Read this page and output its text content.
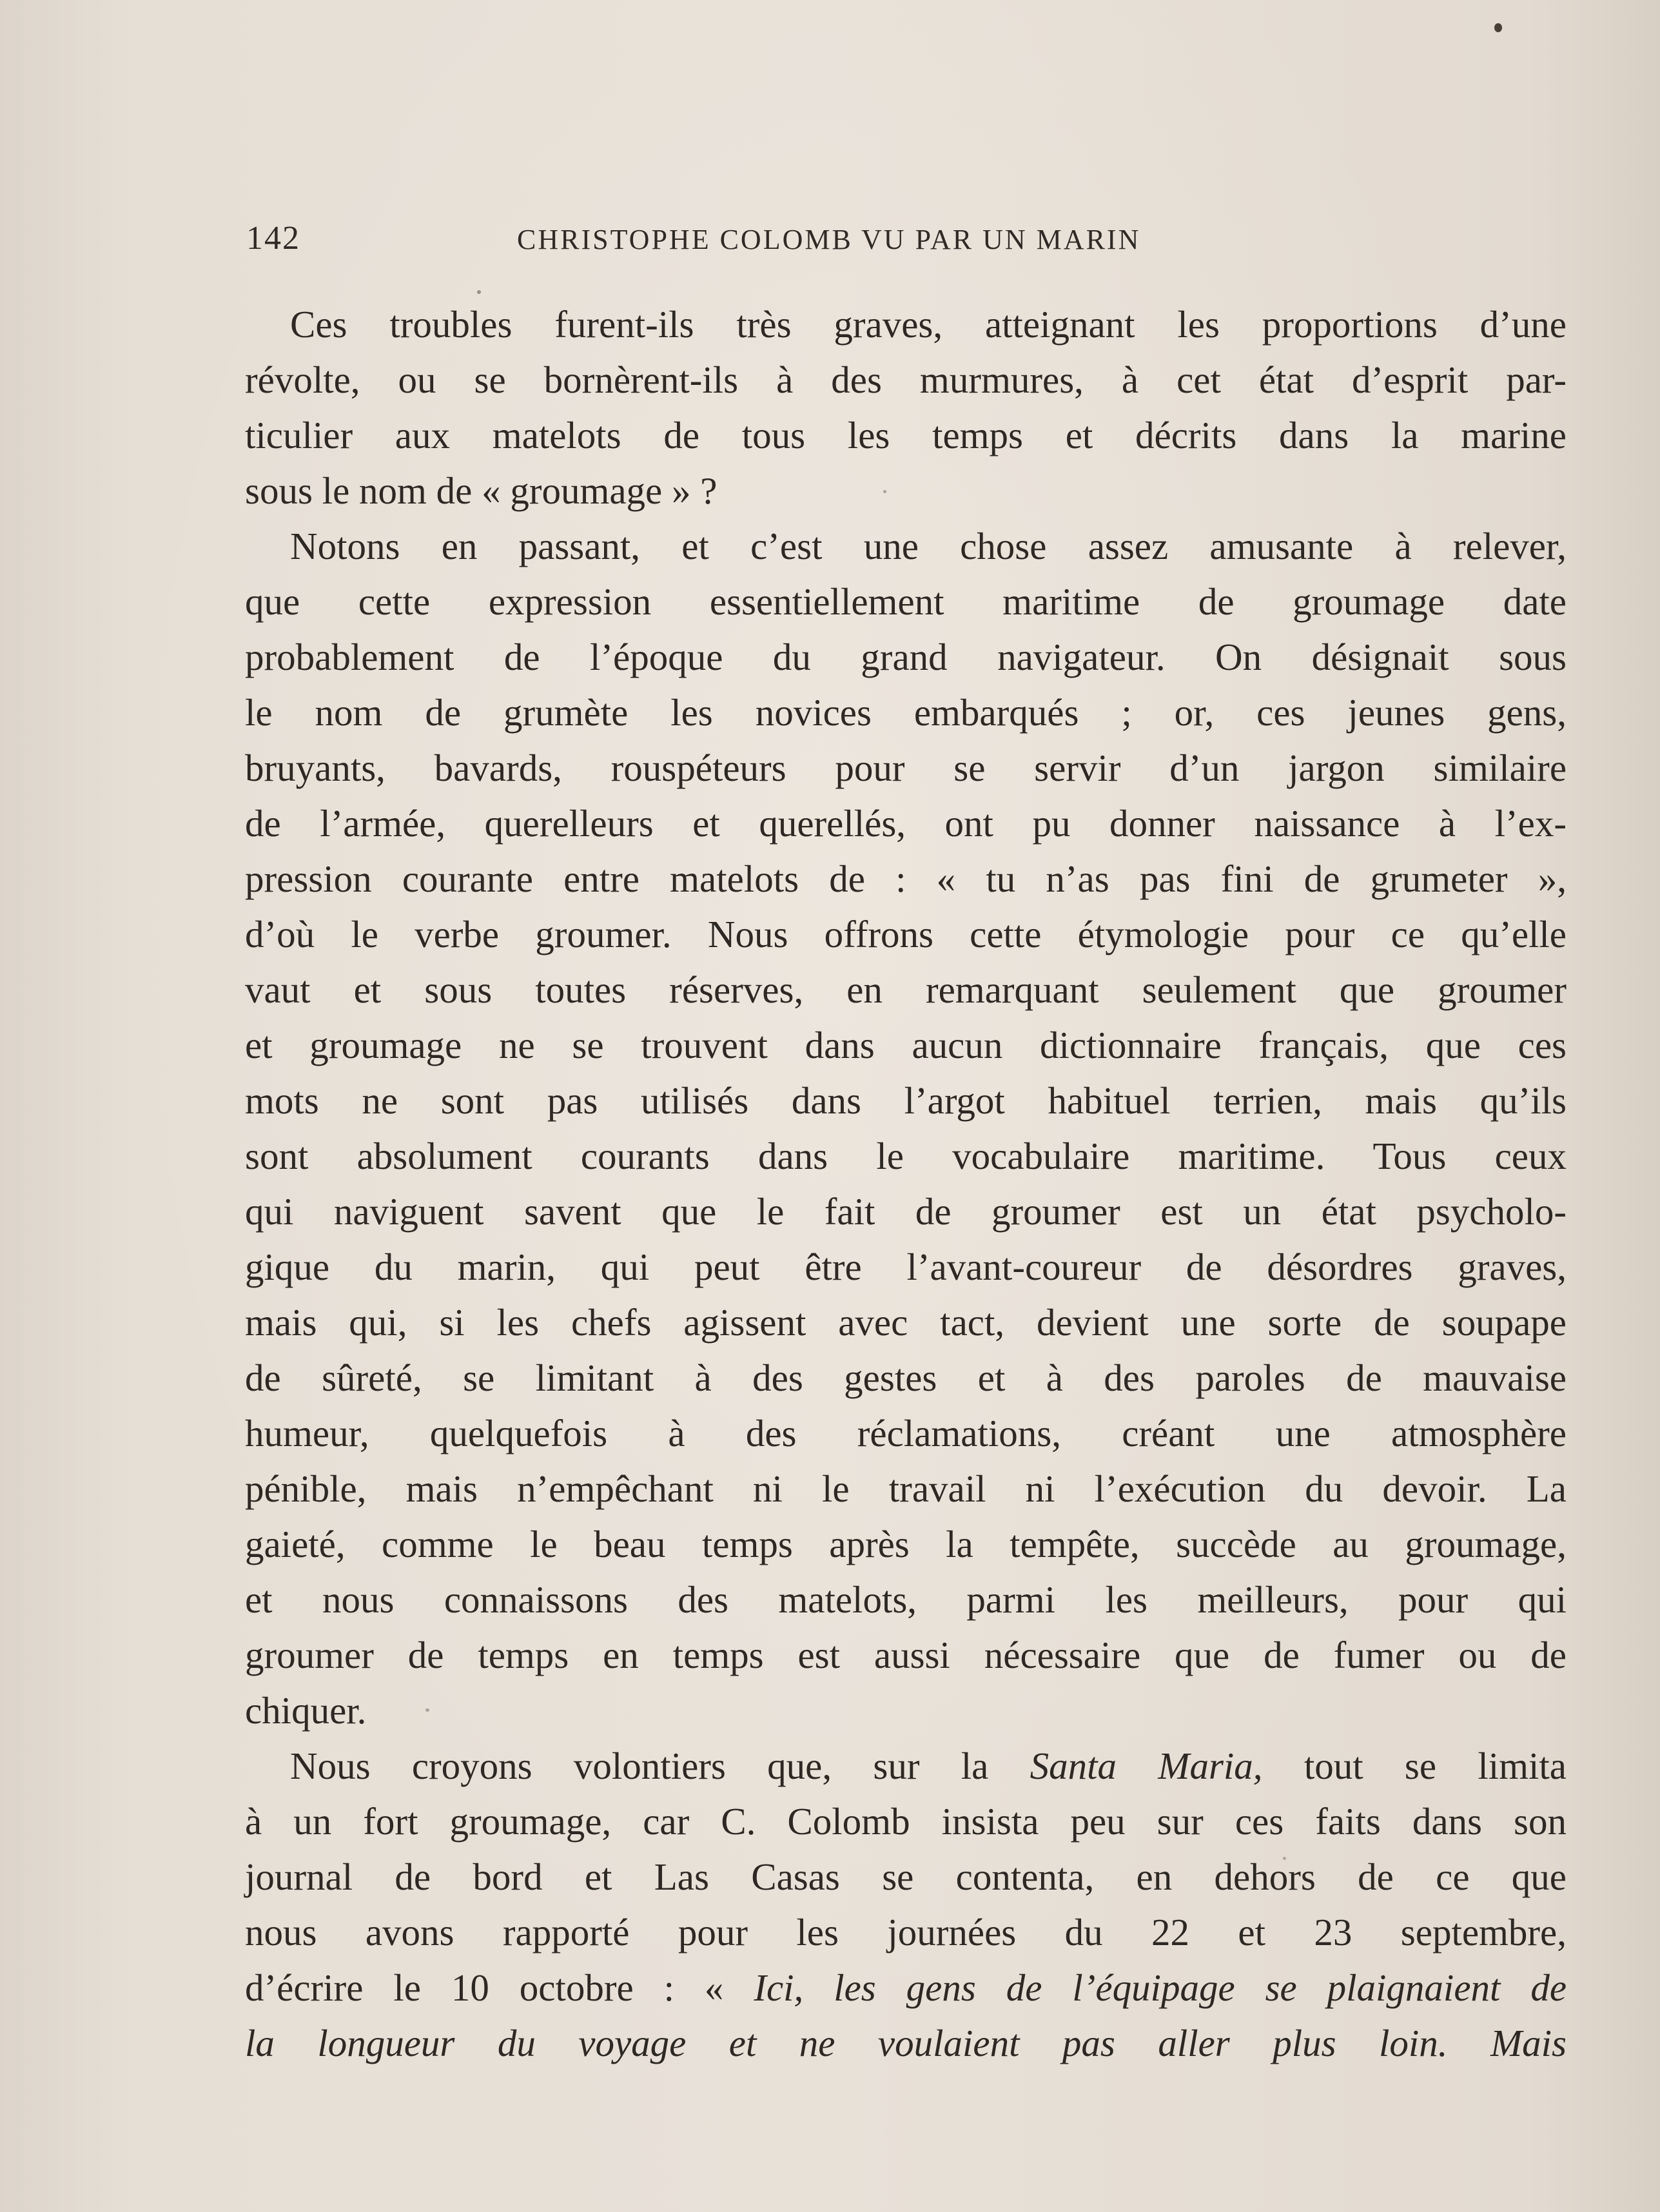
142	CHRISTOPHE COLOMB VU PAR UN MARIN
Ces troubles furent-ils très graves, atteignant les proportions d’une
révolte, ou se bornèrent-ils à des murmures, à cet état d’esprit par-
ticulier aux matelots de tous les temps et décrits dans la marine
sous le nom de « groumage » ?
Notons en passant, et c’est une chose assez amusante à relever,
que cette expression essentiellement maritime de groumage date
probablement de l’époque du grand navigateur. On désignait sous
le nom de grumète les novices embarqués ; or, ces jeunes gens,
bruyants, bavards, rouspéteurs pour se servir d’un jargon similaire
de l’armée, querelleurs et querellés, ont pu donner naissance à l’ex-
pression courante entre matelots de : « tu n’as pas fini de grumeter »,
d’où le verbe groumer. Nous offrons cette étymologie pour ce qu’elle
vaut et sous toutes réserves, en remarquant seulement que groumer
et groumage ne se trouvent dans aucun dictionnaire français, que ces
mots ne sont pas utilisés dans l’argot habituel terrien, mais qu’ils
sont absolument courants dans le vocabulaire maritime. Tous ceux
qui naviguent savent que le fait de groumer est un état psycholo-
gique du marin, qui peut être l’avant-coureur de désordres graves,
mais qui, si les chefs agissent avec tact, devient une sorte de soupape
de sûreté, se limitant à des gestes et à des paroles de mauvaise
humeur, quelquefois à des réclamations, créant une atmosphère
pénible, mais n’empêchant ni le travail ni l’exécution du devoir. La
gaieté, comme le beau temps après la tempête, succède au groumage,
et nous connaissons des matelots, parmi les meilleurs, pour qui
groumer de temps en temps est aussi nécessaire que de fumer ou de
chiquer.
Nous croyons volontiers que, sur la Santa Maria, tout se limita
à un fort groumage, car C. Colomb insista peu sur ces faits dans son
journal de bord et Las Casas se contenta, en dehors de ce que
nous avons rapporté pour les journées du 22 et 23 septembre,
d’écrire le 10 octobre : « Ici, les gens de l’équipage se plaignaient de
la longueur du voyage et ne voulaient pas aller plus loin. Mais
